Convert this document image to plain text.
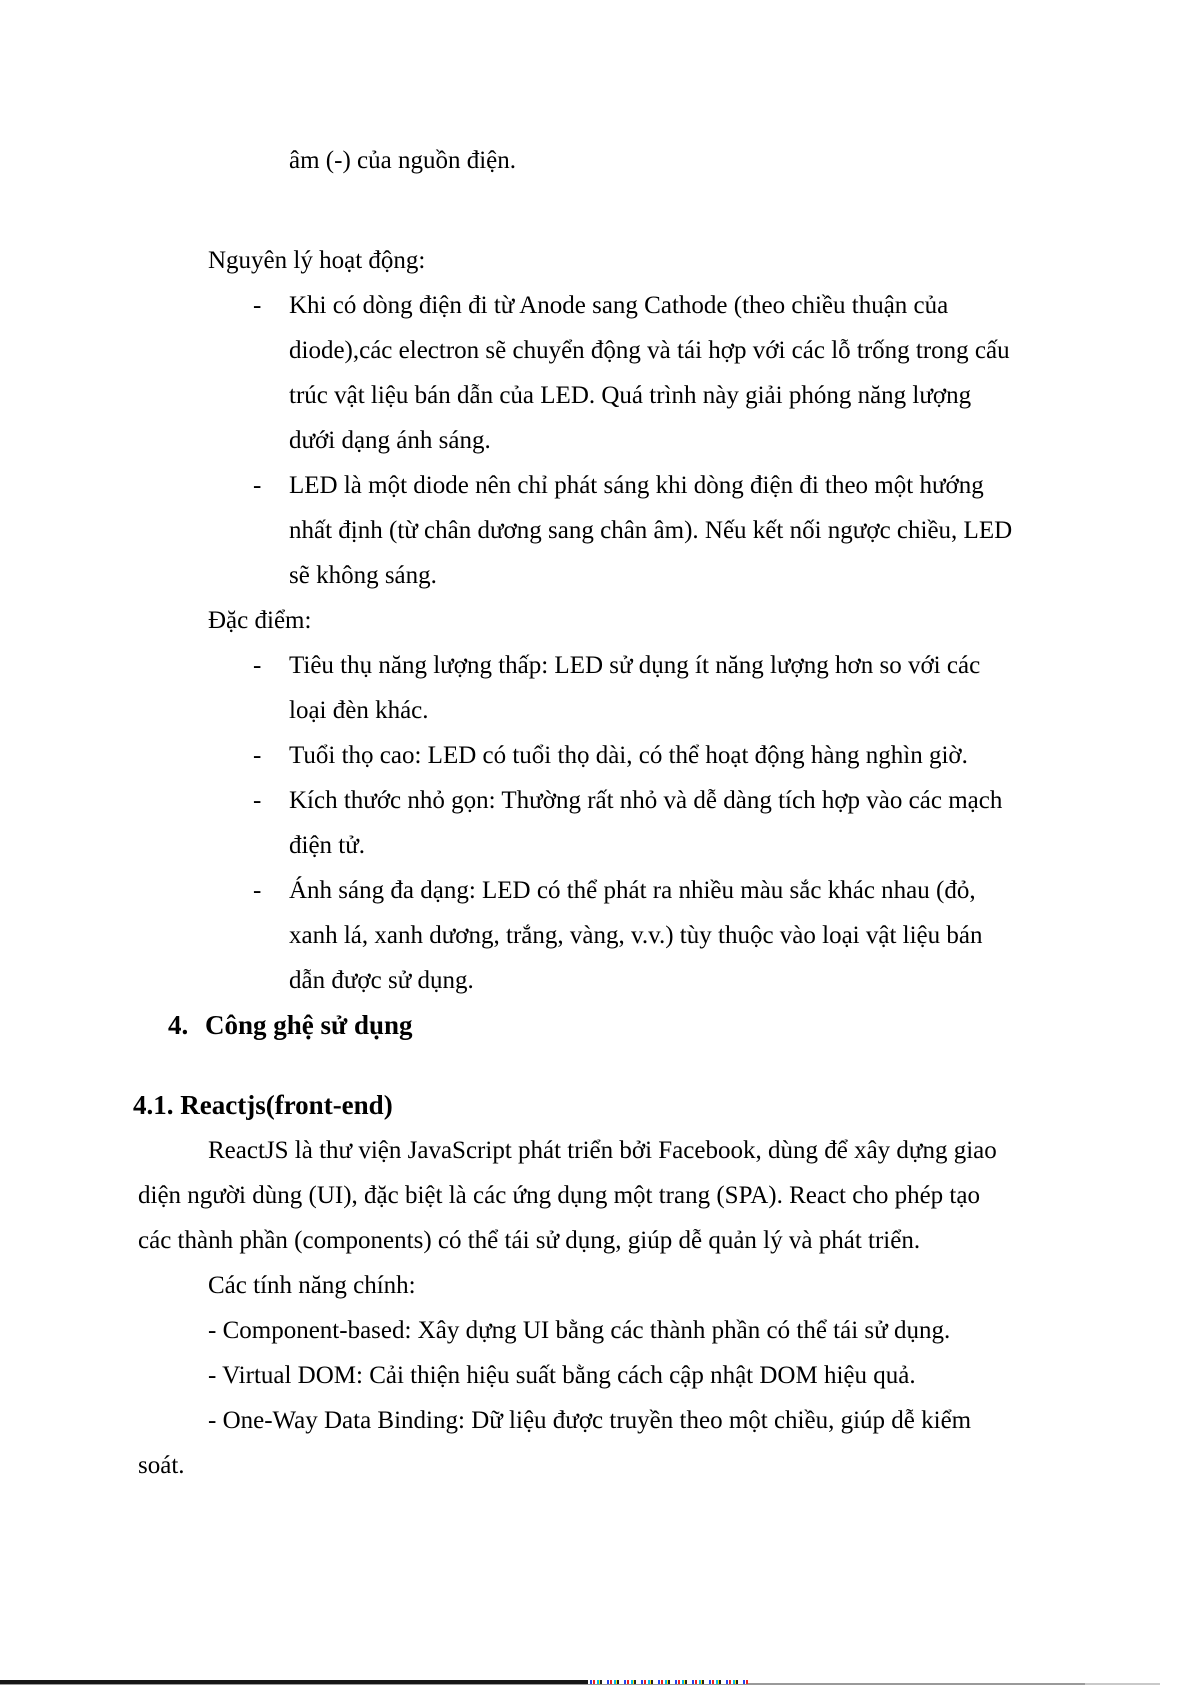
âm (-) của nguồn điện.
Nguyên lý hoạt động:
-	Khi có dòng điện đi từ Anode sang Cathode (theo chiều thuận của
diode),các electron sẽ chuyển động và tái hợp với các lỗ trống trong cấu
trúc vật liệu bán dẫn của LED. Quá trình này giải phóng năng lượng
dưới dạng ánh sáng.
-	LED là một diode nên chỉ phát sáng khi dòng điện đi theo một hướng
nhất định (từ chân dương sang chân âm). Nếu kết nối ngược chiều, LED
sẽ không sáng.
Đặc điểm:
-	Tiêu thụ năng lượng thấp: LED sử dụng ít năng lượng hơn so với các
loại đèn khác.
-	Tuổi thọ cao: LED có tuổi thọ dài, có thể hoạt động hàng nghìn giờ.
-	Kích thước nhỏ gọn: Thường rất nhỏ và dễ dàng tích hợp vào các mạch
điện tử.
-	Ánh sáng đa dạng: LED có thể phát ra nhiều màu sắc khác nhau (đỏ,
xanh lá, xanh dương, trắng, vàng, v.v.) tùy thuộc vào loại vật liệu bán
dẫn được sử dụng.
4. Công ghệ sử dụng
4.1. Reactjs(front-end)
ReactJS là thư viện JavaScript phát triển bởi Facebook, dùng để xây dựng giao
diện người dùng (UI), đặc biệt là các ứng dụng một trang (SPA). React cho phép tạo
các thành phần (components) có thể tái sử dụng, giúp dễ quản lý và phát triển.
Các tính năng chính:
- Component-based: Xây dựng UI bằng các thành phần có thể tái sử dụng.
- Virtual DOM: Cải thiện hiệu suất bằng cách cập nhật DOM hiệu quả.
- One-Way Data Binding: Dữ liệu được truyền theo một chiều, giúp dễ kiểm
soát.
